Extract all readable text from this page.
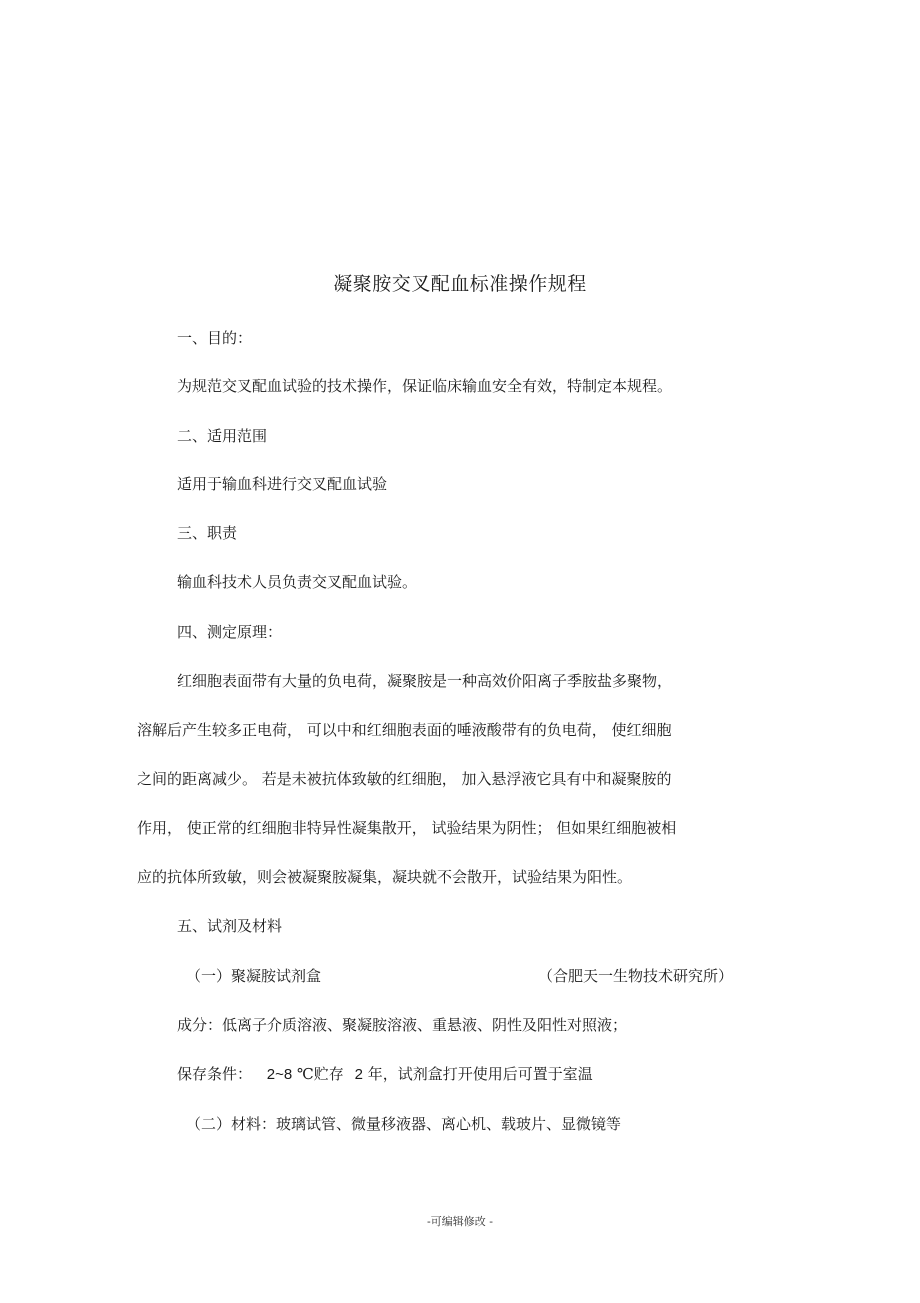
凝聚胺交叉配血标准操作规程
一、目的：
为规范交叉配血试验的技术操作，保证临床输血安全有效，特制定本规程。
二、适用范围
适用于输血科进行交叉配血试验
三、职责
输血科技术人员负责交叉配血试验。
四、测定原理：
红细胞表面带有大量的负电荷，凝聚胺是一种高效价阳离子季胺盐多聚物，
溶解后产生较多正电荷， 可以中和红细胞表面的唾液酸带有的负电荷， 使红细胞
之间的距离减少。 若是未被抗体致敏的红细胞， 加入悬浮液它具有中和凝聚胺的
作用， 使正常的红细胞非特异性凝集散开， 试验结果为阴性； 但如果红细胞被相
应的抗体所致敏，则会被凝聚胺凝集，凝块就不会散开，试验结果为阳性。
五、试剂及材料
（一）聚凝胺试剂盒	（合肥天一生物技术研究所）
成分：低离子介质溶液、聚凝胺溶液、重悬液、阴性及阳性对照液；
保存条件： 2~8 ℃贮存 2 年，试剂盒打开使用后可置于室温
（二）材料：玻璃试管、微量移液器、离心机、载玻片、显微镜等
-可编辑修改 -
